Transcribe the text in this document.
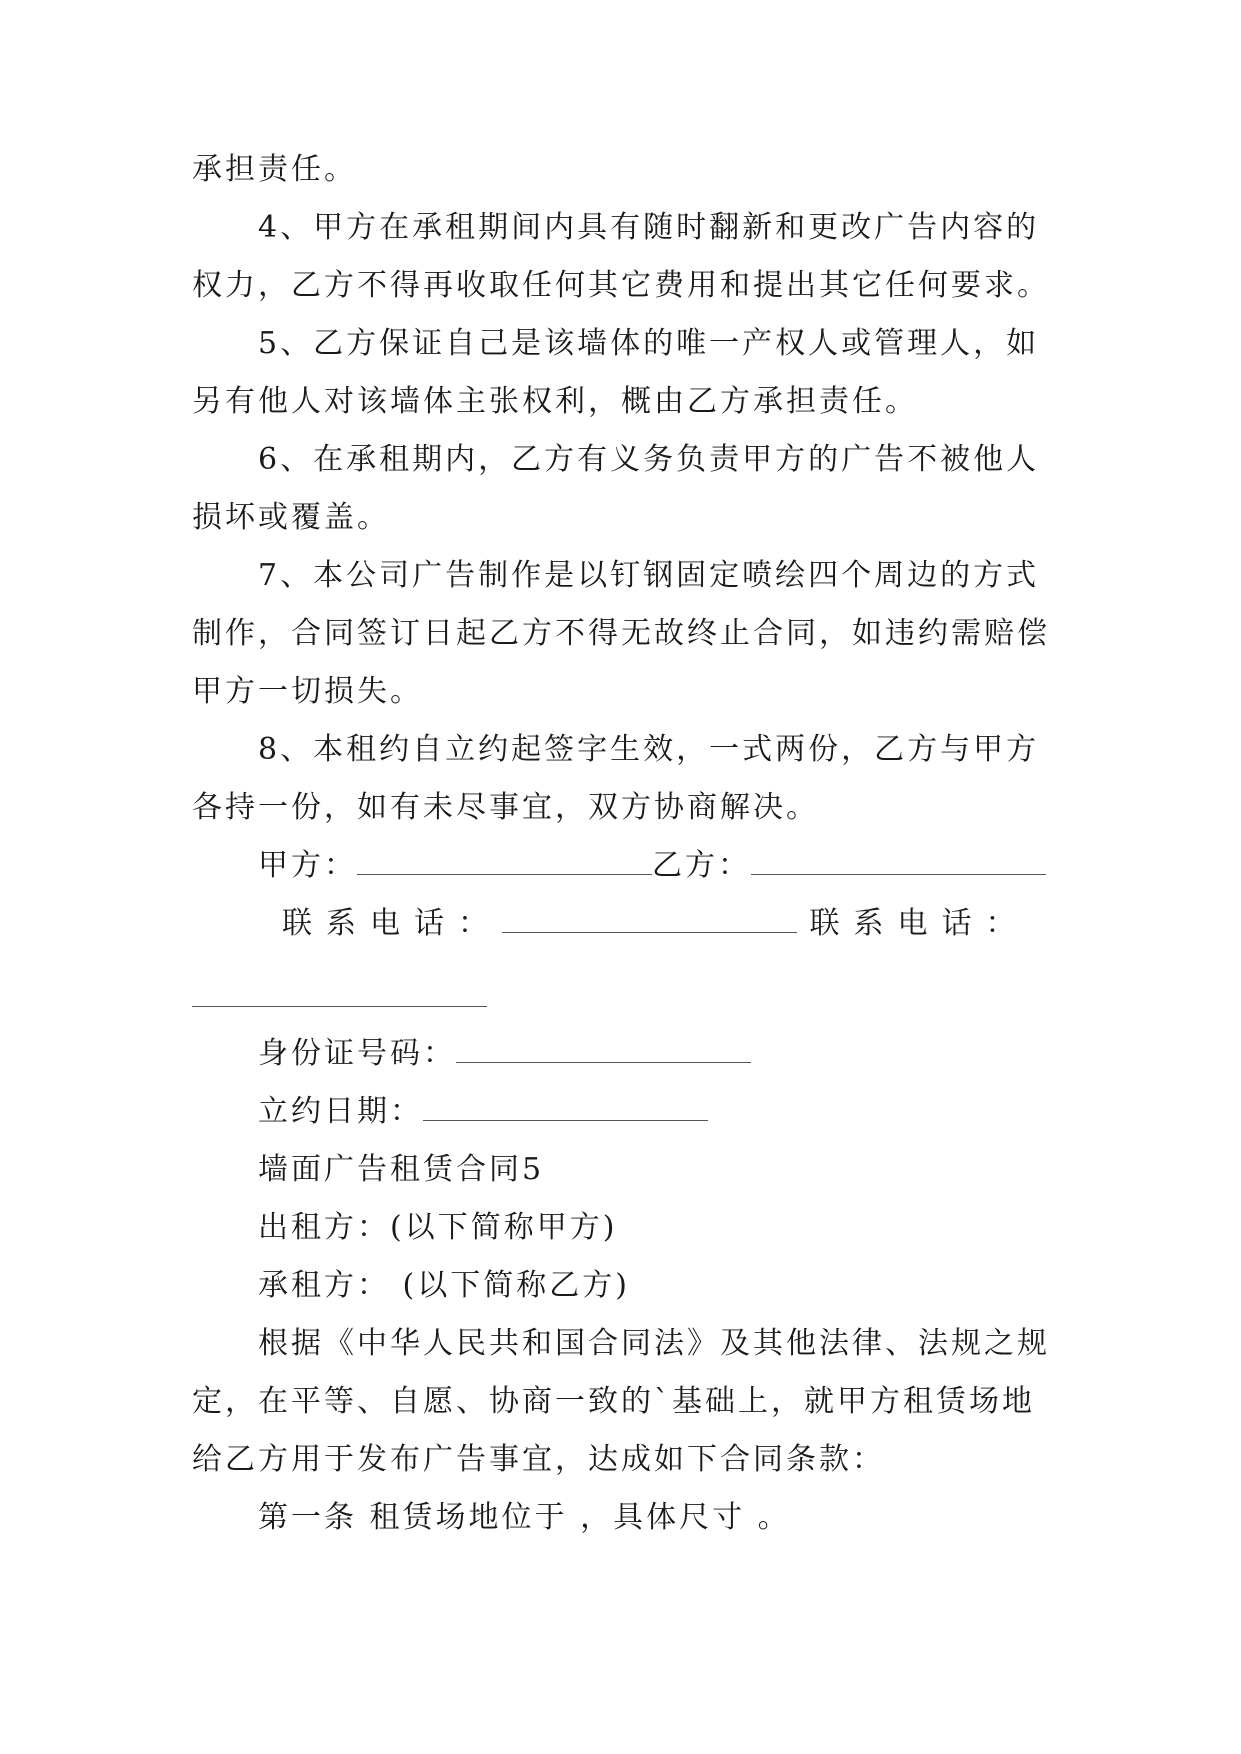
承担责任。
4、甲方在承租期间内具有随时翻新和更改广告内容的
权力，乙方不得再收取任何其它费用和提出其它任何要求。
5、乙方保证自己是该墙体的唯一产权人或管理人，如
另有他人对该墙体主张权利，概由乙方承担责任。
6、在承租期内，乙方有义务负责甲方的广告不被他人
损坏或覆盖。
7、本公司广告制作是以钉钢固定喷绘四个周边的方式
制作，合同签订日起乙方不得无故终止合同，如违约需赔偿
甲方一切损失。
8、本租约自立约起签字生效，一式两份，乙方与甲方
各持一份，如有未尽事宜，双方协商解决。
甲方：	乙方：
联系电话：	联系电话：
身份证号码：
立约日期：
墙面广告租赁合同5
出租方：(以下简称甲方)
承租方： (以下简称乙方)
根据《中华人民共和国合同法》及其他法律、法规之规
定，在平等、自愿、协商一致的`基础上，就甲方租赁场地
给乙方用于发布广告事宜，达成如下合同条款：
第一条 租赁场地位于 ，具体尺寸 。
